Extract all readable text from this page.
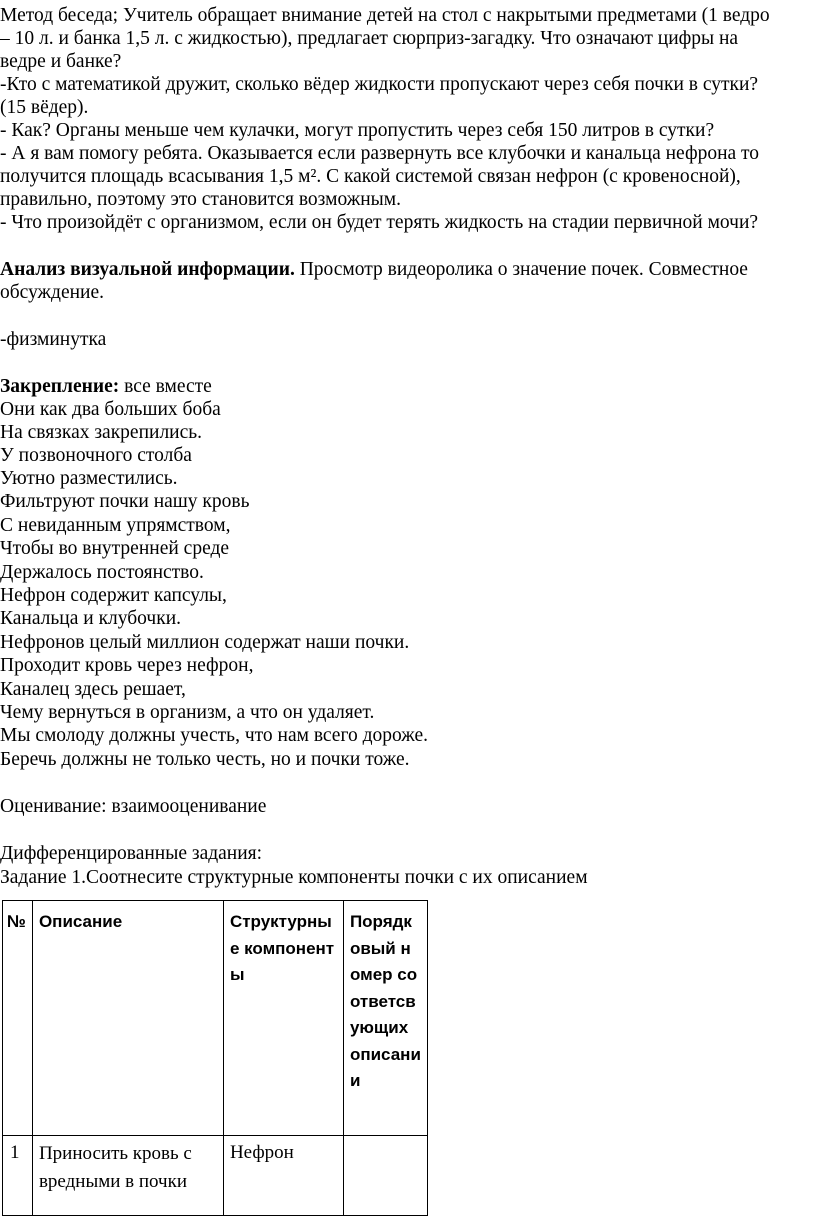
Метод беседа; Учитель обращает внимание детей на стол с накрытыми предметами (1 ведро
– 10 л. и банка 1,5 л. с жидкостью), предлагает сюрприз-загадку. Что означают цифры на
ведре и банке?
-Кто с математикой дружит, сколько вёдер жидкости пропускают через себя почки в сутки?
(15 вёдер).
- Как? Органы меньше чем кулачки, могут пропустить через себя 150 литров в сутки?
- А я вам помогу ребята. Оказывается если развернуть все клубочки и канальца нефрона то
получится площадь всасывания 1,5 м². С какой системой связан нефрон (с кровеносной),
правильно, поэтому это становится возможным.
- Что произойдёт с организмом, если он будет терять жидкость на стадии первичной мочи?
Анализ визуальной информации. Просмотр видеоролика о значение почек. Совместное
обсуждение.
-физминутка
Закрепление: все вместе
Они как два больших боба
На связках закрепились.
У позвоночного столба
Уютно разместились.
Фильтруют почки нашу кровь
С невиданным упрямством,
Чтобы во внутренней среде
Держалось постоянство.
Нефрон содержит капсулы,
Канальца и клубочки.
Нефронов целый миллион содержат наши почки.
Проходит кровь через нефрон,
Каналец здесь решает,
Чему вернуться в организм, а что он удаляет.
Мы смолоду должны учесть, что нам всего дороже.
Беречь должны не только честь, но и почки тоже.
Оценивание: взаимооценивание
Дифференцированные задания:
Задание 1.Соотнесите структурные компоненты почки с их описанием
№	Описание	Структурные компоненты	Порядковый номер соответсвующих описании

1	Приносить кровь с вредными в почки	Нефрон	
